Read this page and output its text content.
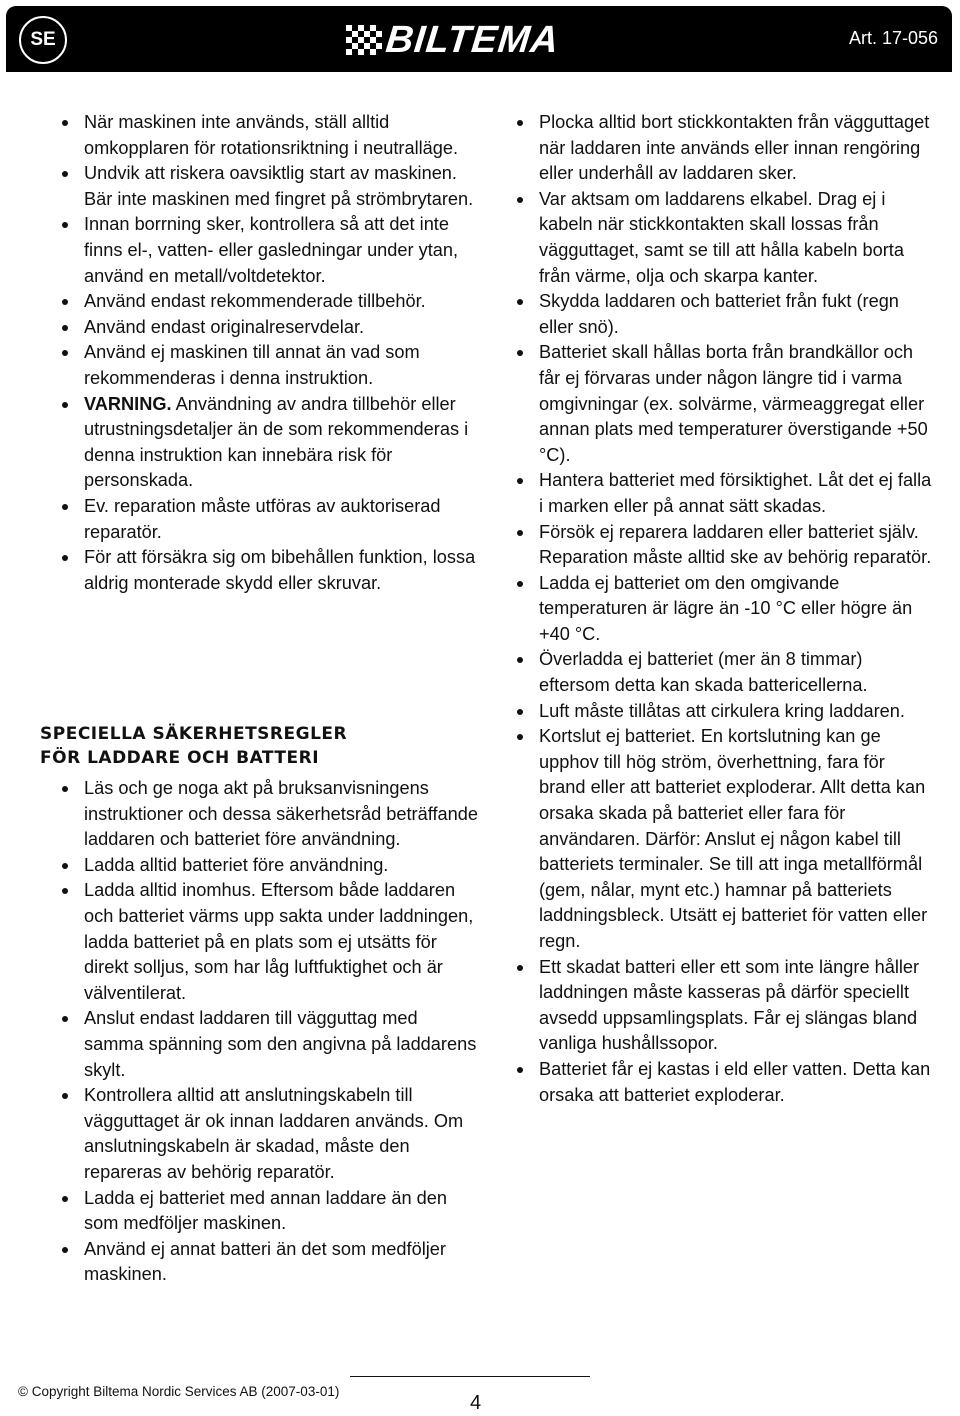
SE	BILTEMA	Art. 17-056
När maskinen inte används, ställ alltid omkopplaren för rotationsriktning i neutralläge.
Undvik att riskera oavsiktlig start av maskinen. Bär inte maskinen med fingret på strömbrytaren.
Innan borrning sker, kontrollera så att det inte finns el-, vatten- eller gasledningar under ytan, använd en metall/voltdetektor.
Använd endast rekommenderade tillbehör.
Använd endast originalreservdelar.
Använd ej maskinen till annat än vad som rekommenderas i denna instruktion.
VARNING. Användning av andra tillbehör eller utrustningsdetaljer än de som rekommenderas i denna instruktion kan innebära risk för personskada.
Ev. reparation måste utföras av auktoriserad reparatör.
För att försäkra sig om bibehållen funktion, lossa aldrig monterade skydd eller skruvar.
SPECIELLA SÄKERHETSREGLER
FÖR LADDARE OCH BATTERI
Läs och ge noga akt på bruksanvisningens instruktioner och dessa säkerhetsråd beträffande laddaren och batteriet före användning.
Ladda alltid batteriet före användning.
Ladda alltid inomhus. Eftersom både laddaren och batteriet värms upp sakta under laddningen, ladda batteriet på en plats som ej utsätts för direkt solljus, som har låg luftfuktighet och är välventilerat.
Anslut endast laddaren till vägguttag med samma spänning som den angivna på laddarens skylt.
Kontrollera alltid att anslutningskabeln till vägguttaget är ok innan laddaren används. Om anslutningskabeln är skadad, måste den repareras av behörig reparatör.
Ladda ej batteriet med annan laddare än den som medföljer maskinen.
Använd ej annat batteri än det som medföljer maskinen.
Plocka alltid bort stickkontakten från vägguttaget när laddaren inte används eller innan rengöring eller underhåll av laddaren sker.
Var aktsam om laddarens elkabel. Drag ej i kabeln när stickkontakten skall lossas från vägguttaget, samt se till att hålla kabeln borta från värme, olja och skarpa kanter.
Skydda laddaren och batteriet från fukt (regn eller snö).
Batteriet skall hållas borta från brandkällor och får ej förvaras under någon längre tid i varma omgivningar (ex. solvärme, värmeaggregat eller annan plats med temperaturer överstigande +50 °C).
Hantera batteriet med försiktighet. Låt det ej falla i marken eller på annat sätt skadas.
Försök ej reparera laddaren eller batteriet själv. Reparation måste alltid ske av behörig reparatör.
Ladda ej batteriet om den omgivande temperaturen är lägre än -10 °C eller högre än +40 °C.
Överladda ej batteriet (mer än 8 timmar) eftersom detta kan skada battericellerna.
Luft måste tillåtas att cirkulera kring laddaren.
Kortslut ej batteriet. En kortslutning kan ge upphov till hög ström, överhettning, fara för brand eller att batteriet exploderar. Allt detta kan orsaka skada på batteriet eller fara för användaren. Därför: Anslut ej någon kabel till batteriets terminaler. Se till att inga metallförmål (gem, nålar, mynt etc.) hamnar på batteriets laddningsbleck. Utsätt ej batteriet för vatten eller regn.
Ett skadat batteri eller ett som inte längre håller laddningen måste kasseras på därför speciellt avsedd uppsamlingsplats. Får ej slängas bland vanliga hushållssopor.
Batteriet får ej kastas i eld eller vatten. Detta kan orsaka att batteriet exploderar.
© Copyright Biltema Nordic Services AB (2007-03-01)
4
